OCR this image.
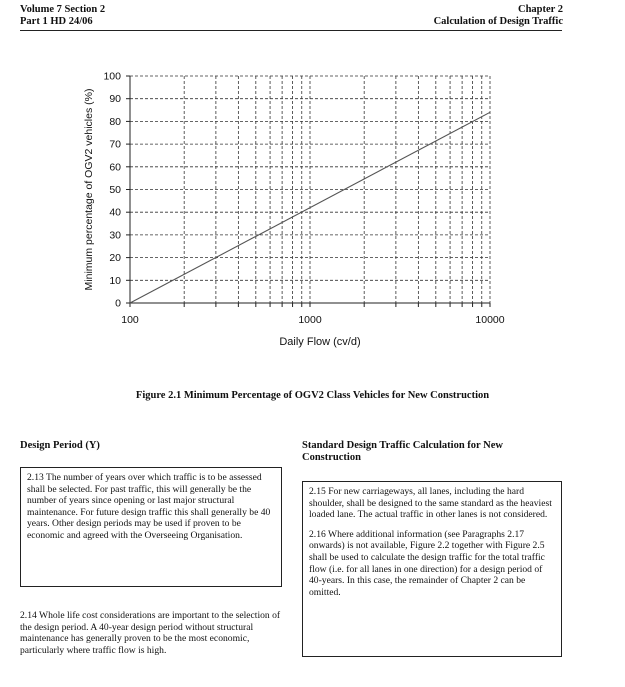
Volume 7 Section 2
Part 1 HD 24/06
Chapter 2
Calculation of Design Traffic
0
10
20
30
40
50
60
70
80
90
100
100	1000	10000
Minimum percentage of OGV2 vehicles (%)
Daily Flow (cv/d)
Figure 2.1 Minimum Percentage of OGV2 Class Vehicles for New Construction
Design Period (Y)

2.13 The number of years over which traffic is to be assessed shall be selected. For past traffic, this will generally be the number of years since opening or last major structural maintenance. For future design traffic this shall generally be 40 years. Other design periods may be used if proven to be economic and agreed with the Overseeing Organisation.

2.14 Whole life cost considerations are important to the selection of the design period. A 40-year design period without structural maintenance has generally proven to be the most economic, particularly where traffic flow is high.

Standard Design Traffic Calculation for New Construction

2.15 For new carriageways, all lanes, including the hard shoulder, shall be designed to the same standard as the heaviest loaded lane. The actual traffic in other lanes is not considered.

2.16 Where additional information (see Paragraphs 2.17 onwards) is not available, Figure 2.2 together with Figure 2.5 shall be used to calculate the design traffic for the total traffic flow (i.e. for all lanes in one direction) for a design period of 40-years. In this case, the remainder of Chapter 2 can be omitted.
